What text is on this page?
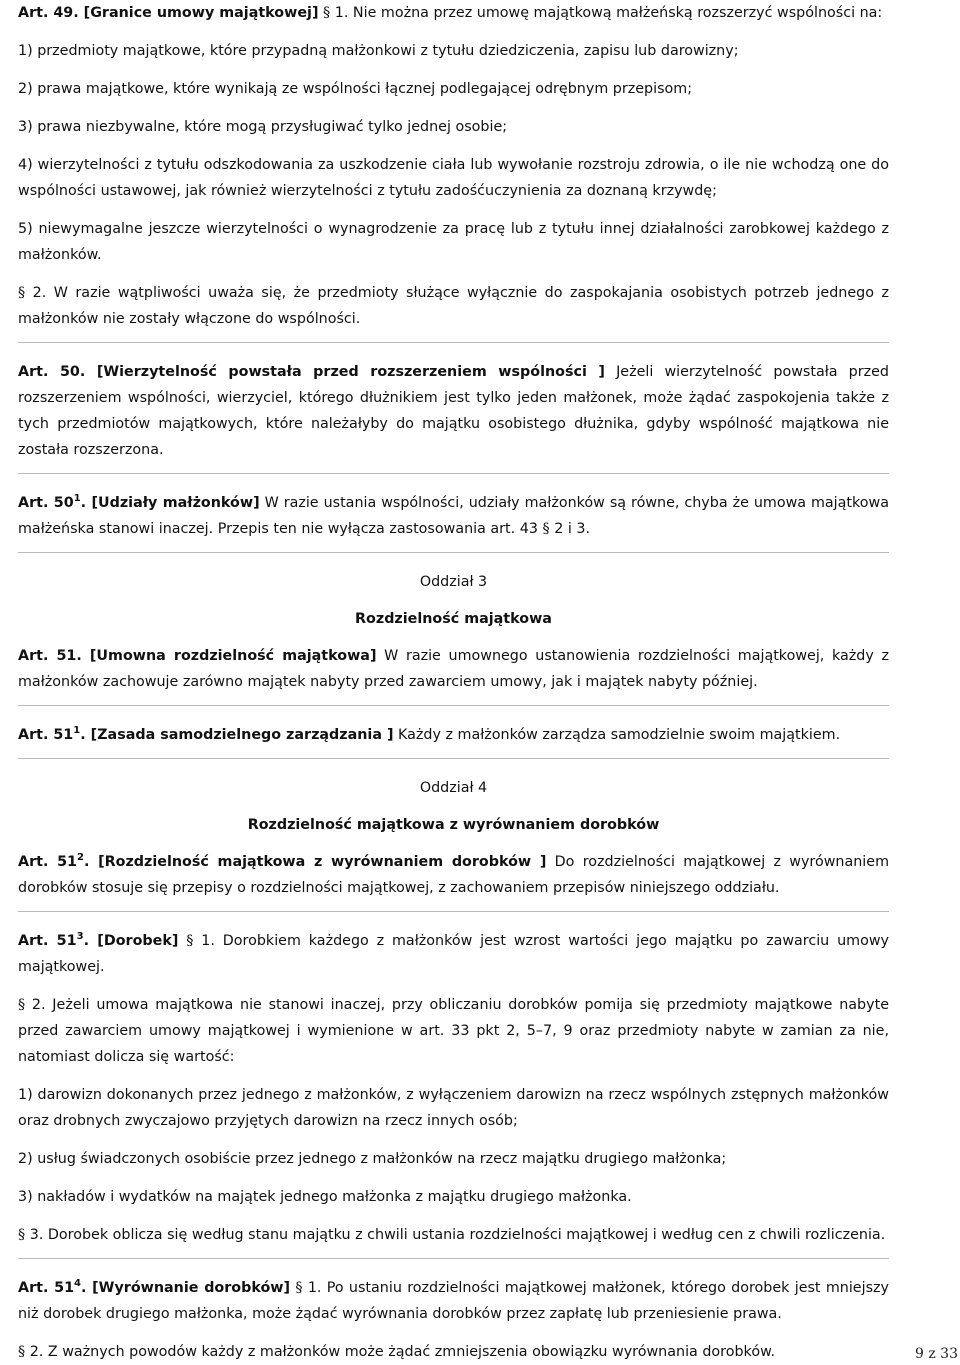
Art. 49. [Granice umowy majątkowej] § 1. Nie można przez umowę majątkową małżeńską rozszerzyć wspólności na:

1) przedmioty majątkowe, które przypadną małżonkowi z tytułu dziedziczenia, zapisu lub darowizny;

2) prawa majątkowe, które wynikają ze wspólności łącznej podlegającej odrębnym przepisom;

3) prawa niezbywalne, które mogą przysługiwać tylko jednej osobie;

4) wierzytelności z tytułu odszkodowania za uszkodzenie ciała lub wywołanie rozstroju zdrowia, o ile nie wchodzą one do wspólności ustawowej, jak również wierzytelności z tytułu zadośćuczynienia za doznaną krzywdę;

5) niewymagalne jeszcze wierzytelności o wynagrodzenie za pracę lub z tytułu innej działalności zarobkowej każdego z małżonków.

§ 2. W razie wątpliwości uważa się, że przedmioty służące wyłącznie do zaspokajania osobistych potrzeb jednego z małżonków nie zostały włączone do wspólności.

Art. 50. [Wierzytelność powstała przed rozszerzeniem wspólności ] Jeżeli wierzytelność powstała przed rozszerzeniem wspólności, wierzyciel, którego dłużnikiem jest tylko jeden małżonek, może żądać zaspokojenia także z tych przedmiotów majątkowych, które należałyby do majątku osobistego dłużnika, gdyby wspólność majątkowa nie została rozszerzona.

Art. $50^1$. [Udziały małżonków] W razie ustania wspólności, udziały małżonków są równe, chyba że umowa majątkowa małżeńska stanowi inaczej. Przepis ten nie wyłącza zastosowania art. 43 § 2 i 3.

Oddział 3

Rozdzielność majątkowa

Art. 51. [Umowna rozdzielność majątkowa] W razie umownego ustanowienia rozdzielności majątkowej, każdy z małżonków zachowuje zarówno majątek nabyty przed zawarciem umowy, jak i majątek nabyty później.

Art. $51^1$. [Zasada samodzielnego zarządzania ] Każdy z małżonków zarządza samodzielnie swoim majątkiem.

Oddział 4

Rozdzielność majątkowa z wyrównaniem dorobków

Art. $51^2$. [Rozdzielność majątkowa z wyrównaniem dorobków ] Do rozdzielności majątkowej z wyrównaniem dorobków stosuje się przepisy o rozdzielności majątkowej, z zachowaniem przepisów niniejszego oddziału.

Art. $51^3$. [Dorobek] § 1. Dorobkiem każdego z małżonków jest wzrost wartości jego majątku po zawarciu umowy majątkowej.

§ 2. Jeżeli umowa majątkowa nie stanowi inaczej, przy obliczaniu dorobków pomija się przedmioty majątkowe nabyte przed zawarciem umowy majątkowej i wymienione w art. 33 pkt 2, 5–7, 9 oraz przedmioty nabyte w zamian za nie, natomiast dolicza się wartość:

1) darowizn dokonanych przez jednego z małżonków, z wyłączeniem darowizn na rzecz wspólnych zstępnych małżonków oraz drobnych zwyczajowo przyjętych darowizn na rzecz innych osób;

2) usług świadczonych osobiście przez jednego z małżonków na rzecz majątku drugiego małżonka;

3) nakładów i wydatków na majątek jednego małżonka z majątku drugiego małżonka.

§ 3. Dorobek oblicza się według stanu majątku z chwili ustania rozdzielności majątkowej i według cen z chwili rozliczenia.

Art. $51^4$. [Wyrównanie dorobków] § 1. Po ustaniu rozdzielności majątkowej małżonek, którego dorobek jest mniejszy niż dorobek drugiego małżonka, może żądać wyrównania dorobków przez zapłatę lub przeniesienie prawa.

§ 2. Z ważnych powodów każdy z małżonków może żądać zmniejszenia obowiązku wyrównania dorobków.	9 z 33
